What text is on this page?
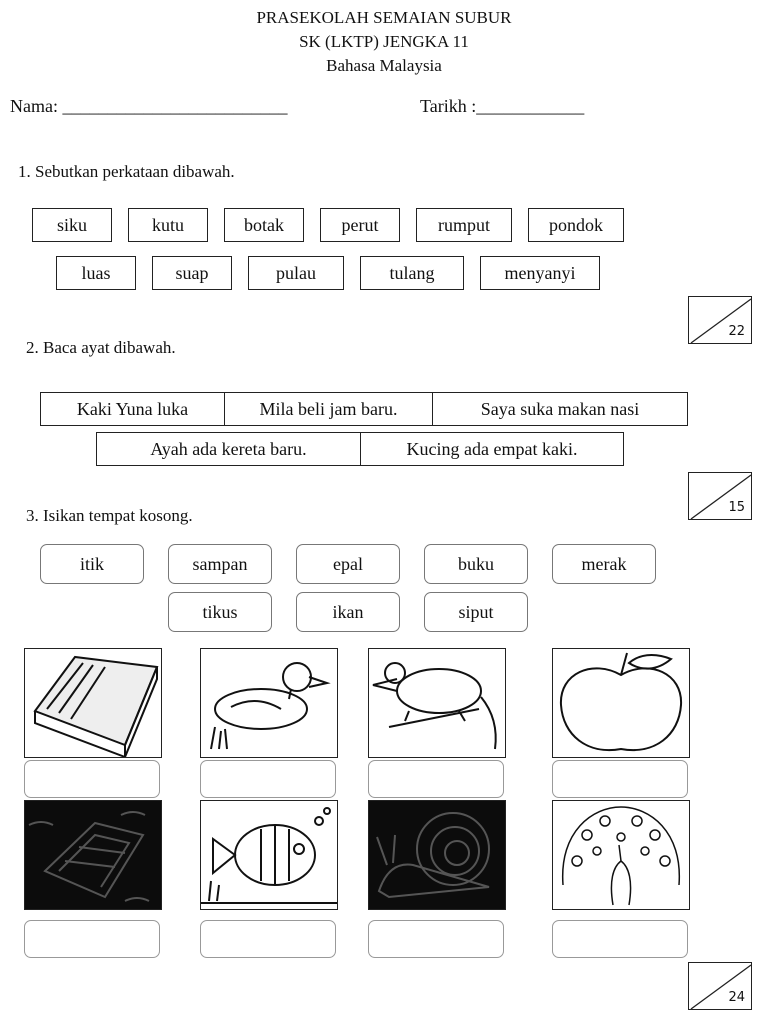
PRASEKOLAH SEMAIAN SUBUR
SK (LKTP) JENGKA 11
Bahasa Malaysia
Nama: _________________________	Tarikh :____________
1. Sebutkan perkataan dibawah.
siku	kutu	botak	perut	rumput	pondok
luas	suap	pulau	tulang	menyanyi
22
2. Baca ayat dibawah.
Kaki Yuna luka	Mila beli jam baru.	Saya suka makan nasi
Ayah ada kereta baru.	Kucing ada empat kaki.
15
3. Isikan tempat kosong.
itik	sampan	epal	buku	merak
tikus	ikan	siput
24
